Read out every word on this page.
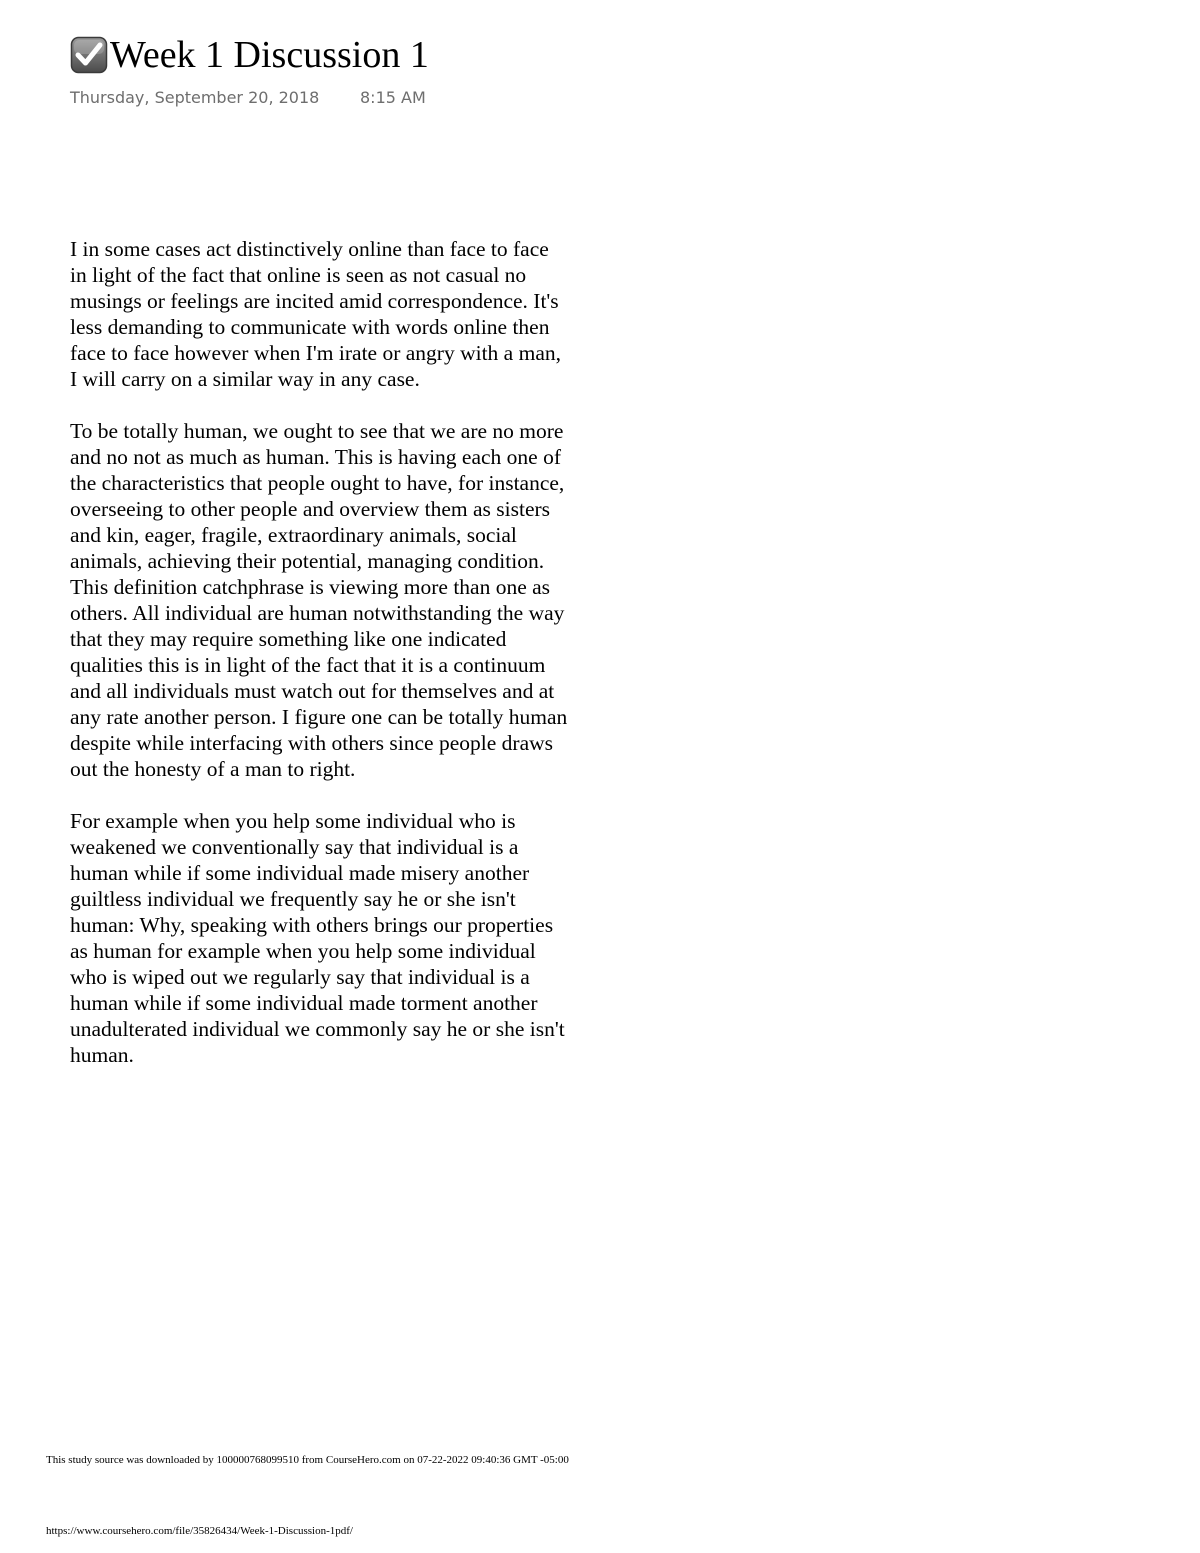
Week 1 Discussion 1
Thursday, September 20, 2018	8:15 AM

I in some cases act distinctively online than face to face
in light of the fact that online is seen as not casual no
musings or feelings are incited amid correspondence. It's
less demanding to communicate with words online then
face to face however when I'm irate or angry with a man,
I will carry on a similar way in any case.

To be totally human, we ought to see that we are no more
and no not as much as human. This is having each one of
the characteristics that people ought to have, for instance,
overseeing to other people and overview them as sisters
and kin, eager, fragile, extraordinary animals, social
animals, achieving their potential, managing condition.
This definition catchphrase is viewing more than one as
others. All individual are human notwithstanding the way
that they may require something like one indicated
qualities this is in light of the fact that it is a continuum
and all individuals must watch out for themselves and at
any rate another person. I figure one can be totally human
despite while interfacing with others since people draws
out the honesty of a man to right.

For example when you help some individual who is
weakened we conventionally say that individual is a
human while if some individual made misery another
guiltless individual we frequently say he or she isn't
human: Why, speaking with others brings our properties
as human for example when you help some individual
who is wiped out we regularly say that individual is a
human while if some individual made torment another
unadulterated individual we commonly say he or she isn't
human.

This study source was downloaded by 100000768099510 from CourseHero.com on 07-22-2022 09:40:36 GMT -05:00
https://www.coursehero.com/file/35826434/Week-1-Discussion-1pdf/
